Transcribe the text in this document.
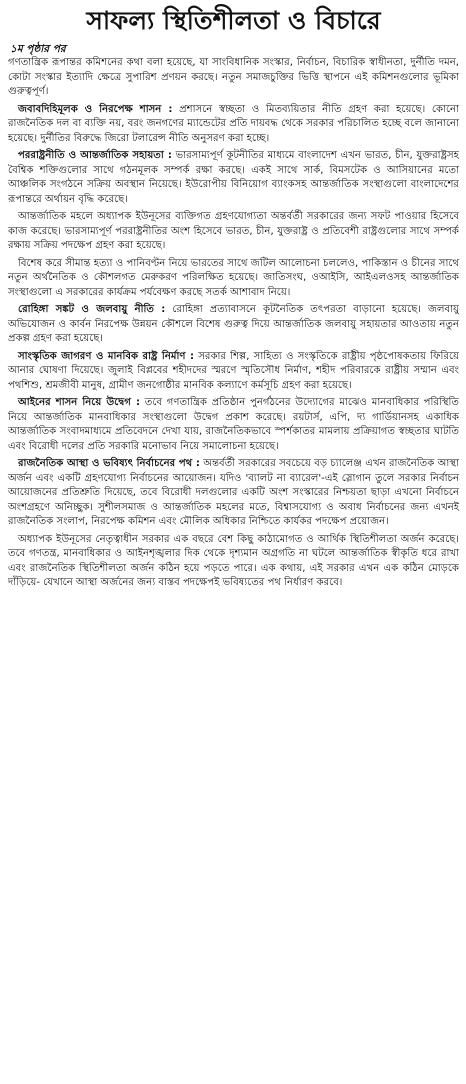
সাফল্য স্থিতিশীলতা ও বিচারে
১ম পৃষ্ঠার পর

গণতান্ত্রিক রূপান্তর কমিশনের কথা বলা হয়েছে, যা সাংবিধানিক সংস্কার, নির্বাচন, বিচারিক স্বাধীনতা, দুর্নীতি দমন, কোটা সংস্কার ইত্যাদি ক্ষেত্রে সুপারিশ প্রণয়ন করছে। নতুন সমাজচুক্তির ভিত্তি স্থাপনে এই কমিশনগুলোর ভূমিকা গুরুত্বপূর্ণ।

জবাবদিহিমূলক ও নিরপেক্ষ শাসন : প্রশাসনে স্বচ্ছতা ও মিতব্যয়িতার নীতি গ্রহণ করা হয়েছে। কোনো রাজনৈতিক দল বা ব্যক্তি নয়, বরং জনগণের ম্যান্ডেটের প্রতি দায়বদ্ধ থেকে সরকার পরিচালিত হচ্ছে বলে জানানো হয়েছে। দুর্নীতির বিরুদ্ধে জিরো টলারেন্স নীতি অনুসরণ করা হচ্ছে।

পররাষ্ট্রনীতি ও আন্তর্জাতিক সহায়তা : ভারসাম্যপূর্ণ কূটনীতির মাধ্যমে বাংলাদেশ এখন ভারত, চীন, যুক্তরাষ্ট্রসহ বৈশ্বিক শক্তিগুলোর সাথে গঠনমূলক সম্পর্ক রক্ষা করছে। একই সাথে সার্ক, বিমসটেক ও আসিয়ানের মতো আঞ্চলিক সংগঠনে সক্রিয় অবস্থান নিয়েছে। ইউরোপীয় বিনিয়োগ ব্যাংকসহ আন্তর্জাতিক সংস্থাগুলো বাংলাদেশের রূপান্তরে অর্থায়ন বৃদ্ধি করেছে।

আন্তর্জাতিক মহলে অধ্যাপক ইউনূসের ব্যক্তিগত গ্রহণযোগ্যতা অন্তর্বর্তী সরকারের জন্য সফট পাওয়ার হিসেবে কাজ করেছে। ভারসাম্যপূর্ণ পররাষ্ট্রনীতির অংশ হিসেবে ভারত, চীন, যুক্তরাষ্ট্র ও প্রতিবেশী রাষ্ট্রগুলোর সাথে সম্পর্ক রক্ষায় সক্রিয় পদক্ষেপ গ্রহণ করা হয়েছে।

বিশেষ করে সীমান্ত হত্যা ও পানিবণ্টন নিয়ে ভারতের সাথে জটিল আলোচনা চললেও, পাকিস্তান ও চীনের সাথে নতুন অর্থনৈতিক ও কৌশলগত মেরুকরণ পরিলক্ষিত হয়েছে। জাতিসংঘ, ওআইসি, আইএলওসহ আন্তর্জাতিক সংস্থাগুলো এ সরকারের কার্যক্রম পর্যবেক্ষণ করছে সতর্ক আশাবাদ নিয়ে।

রোহিঙ্গা সঙ্কট ও জলবায়ু নীতি : রোহিঙ্গা প্রত্যাবাসনে কূটনৈতিক তৎপরতা বাড়ানো হয়েছে। জলবায়ু অভিযোজন ও কার্বন নিরপেক্ষ উন্নয়ন কৌশলে বিশেষ গুরুত্ব দিয়ে আন্তর্জাতিক জলবায়ু সহায়তার আওতায় নতুন প্রকল্প গ্রহণ করা হয়েছে।

সাংস্কৃতিক জাগরণ ও মানবিক রাষ্ট্র নির্মাণ : সরকার শিল্প, সাহিত্য ও সংস্কৃতিকে রাষ্ট্রীয় পৃষ্ঠপোষকতায় ফিরিয়ে আনার ঘোষণা দিয়েছে। জুলাই বিপ্লবের শহীদদের স্মরণে স্মৃতিসৌধ নির্মাণ, শহীদ পরিবারকে রাষ্ট্রীয় সম্মান এবং পথশিশু, শ্রমজীবী মানুষ, গ্রামীণ জনগোষ্ঠীর মানবিক কল্যাণে কর্মসূচি গ্রহণ করা হয়েছে।

আইনের শাসন নিয়ে উদ্বেগ : তবে গণতান্ত্রিক প্রতিষ্ঠান পুনর্গঠনের উদ্যোগের মাঝেও মানবাধিকার পরিস্থিতি নিয়ে আন্তর্জাতিক মানবাধিকার সংস্থাগুলো উদ্বেগ প্রকাশ করেছে। রয়টার্স, এপি, দ্য গার্ডিয়ানসহ একাধিক আন্তর্জাতিক সংবাদমাধ্যমে প্রতিবেদনে দেখা যায়, রাজনৈতিকভাবে স্পর্শকাতর মামলায় প্রক্রিয়াগত স্বচ্ছতার ঘাটতি এবং বিরোধী দলের প্রতি সরকারি মনোভাব নিয়ে সমালোচনা হয়েছে।

রাজনৈতিক আস্থা ও ভবিষ্যৎ নির্বাচনের পথ : অন্তর্বর্তী সরকারের সবচেয়ে বড় চ্যালেঞ্জ এখন রাজনৈতিক আস্থা অর্জন এবং একটি গ্রহণযোগ্য নির্বাচনের আয়োজন। যদিও 'ব্যালট না ব্যারেল'-এই স্লোগান তুলে সরকার নির্বাচন আয়োজনের প্রতিশ্রুতি দিয়েছে, তবে বিরোধী দলগুলোর একটি অংশ সংস্কারের নিশ্চয়তা ছাড়া এখনো নির্বাচনে অংশগ্রহণে অনিচ্ছুক। সুশীলসমাজ ও আন্তর্জাতিক মহলের মতে, বিশ্বাসযোগ্য ও অবাধ নির্বাচনের জন্য এখনই রাজনৈতিক সংলাপ, নিরপেক্ষ কমিশন এবং মৌলিক অধিকার নিশ্চিতে কার্যকর পদক্ষেপ প্রয়োজন।

অধ্যাপক ইউনূসের নেতৃত্বাধীন সরকার এক বছরে বেশ কিছু কাঠামোগত ও আর্থিক স্থিতিশীলতা অর্জন করেছে। তবে গণতন্ত্র, মানবাধিকার ও আইনশৃঙ্খলার দিক থেকে দৃশ্যমান অগ্রগতি না ঘটলে আন্তর্জাতিক স্বীকৃতি ধরে রাখা এবং রাজনৈতিক স্থিতিশীলতা অর্জন কঠিন হয়ে পড়তে পারে। এক কথায়, এই সরকার এখন এক কঠিন মোড়কে দাঁড়িয়ে- যেখানে আস্থা অর্জনের জন্য বাস্তব পদক্ষেপই ভবিষ্যতের পথ নির্ধারণ করবে।
